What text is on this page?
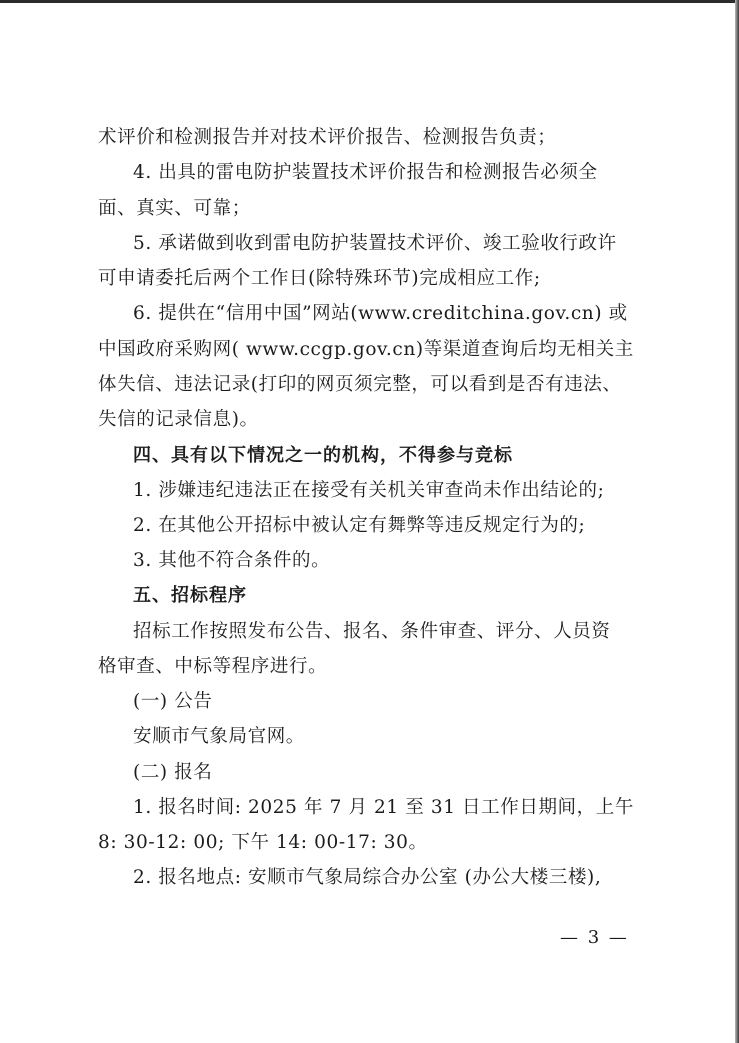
术评价和检测报告并对技术评价报告、检测报告负责；
4. 出具的雷电防护装置技术评价报告和检测报告必须全
面、真实、可靠；
5. 承诺做到收到雷电防护装置技术评价、竣工验收行政许
可申请委托后两个工作日(除特殊环节)完成相应工作;
6. 提供在“信用中国”网站(www.creditchina.gov.cn) 或
中国政府采购网( www.ccgp.gov.cn)等渠道查询后均无相关主
体失信、违法记录(打印的网页须完整，可以看到是否有违法、
失信的记录信息)。
四、具有以下情况之一的机构，不得参与竞标
1. 涉嫌违纪违法正在接受有关机关审查尚未作出结论的;
2. 在其他公开招标中被认定有舞弊等违反规定行为的;
3. 其他不符合条件的。
五、招标程序
招标工作按照发布公告、报名、条件审查、评分、人员资
格审查、中标等程序进行。
(一) 公告
安顺市气象局官网。
(二) 报名
1. 报名时间: 2025 年 7 月 21 至 31 日工作日期间，上午
8: 30-12: 00; 下午 14: 00-17: 30。
2. 报名地点: 安顺市气象局综合办公室 (办公大楼三楼),
— 3 —
